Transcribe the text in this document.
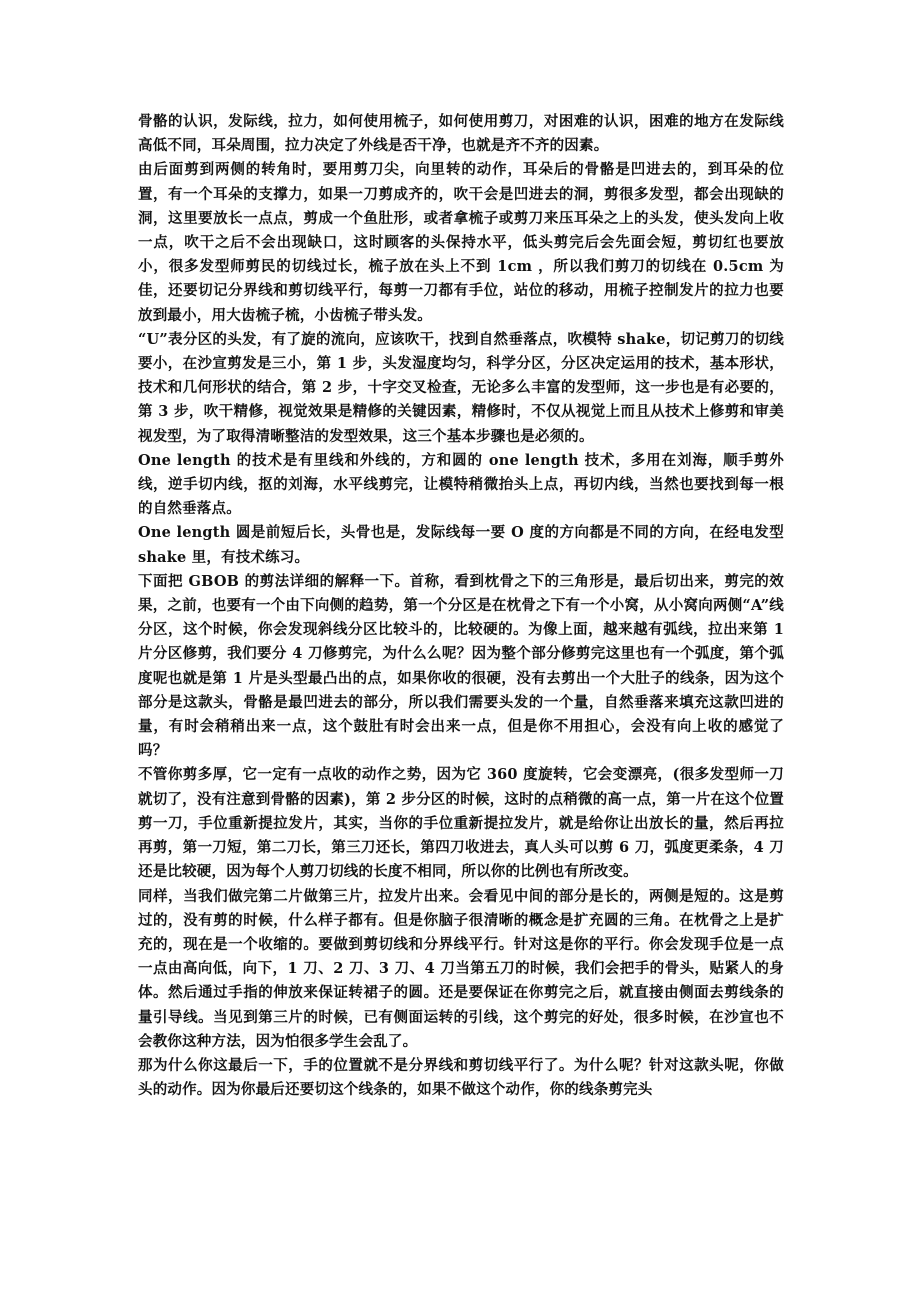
骨骼的认识，发际线，拉力，如何使用梳子，如何使用剪刀，对困难的认识，困难的地方在发际线高低不同，耳朵周围，拉力决定了外线是否干净，也就是齐不齐的因素。

由后面剪到两侧的转角时，要用剪刀尖，向里转的动作，耳朵后的骨骼是凹进去的，到耳朵的位置，有一个耳朵的支撑力，如果一刀剪成齐的，吹干会是凹进去的洞，剪很多发型，都会出现缺的洞，这里要放长一点点，剪成一个鱼肚形，或者拿梳子或剪刀来压耳朵之上的头发，使头发向上收一点，吹干之后不会出现缺口，这时顾客的头保持水平，低头剪完后会先面会短，剪切红也要放小，很多发型师剪民的切线过长，梳子放在头上不到 1cm ，所以我们剪刀的切线在 0.5cm 为佳，还要切记分界线和剪切线平行，每剪一刀都有手位，站位的移动，用梳子控制发片的拉力也要放到最小，用大齿梳子梳，小齿梳子带头发。

“U”表分区的头发，有了旋的流向，应该吹干，找到自然垂落点，吹模特 shake，切记剪刀的切线要小，在沙宣剪发是三小，第 1 步，头发湿度均匀，科学分区，分区决定运用的技术，基本形状，技术和几何形状的结合，第 2 步，十字交叉检查，无论多么丰富的发型师，这一步也是有必要的，第 3 步，吹干精修，视觉效果是精修的关键因素，精修时，不仅从视觉上而且从技术上修剪和审美视发型，为了取得清晰整洁的发型效果，这三个基本步骤也是必须的。

One length 的技术是有里线和外线的，方和圆的 one length 技术，多用在刘海，顺手剪外线，逆手切内线，抠的刘海，水平线剪完，让模特稍微抬头上点，再切内线，当然也要找到每一根的自然垂落点。

One length 圆是前短后长，头骨也是，发际线每一要 O 度的方向都是不同的方向，在经电发型 shake 里，有技术练习。

下面把 GBOB 的剪法详细的解释一下。首称，看到枕骨之下的三角形是，最后切出来，剪完的效果，之前，也要有一个由下向侧的趋势，第一个分区是在枕骨之下有一个小窝，从小窝向两侧“A”线分区，这个时候，你会发现斜线分区比较斗的，比较硬的。为像上面，越来越有弧线，拉出来第 1 片分区修剪，我们要分 4 刀修剪完，为什么么呢？因为整个部分修剪完这里也有一个弧度，第个弧度呢也就是第 1 片是头型最凸出的点，如果你收的很硬，没有去剪出一个大肚子的线条，因为这个部分是这款头，骨骼是最凹进去的部分，所以我们需要头发的一个量，自然垂落来填充这款凹进的量，有时会稍稍出来一点，这个鼓肚有时会出来一点，但是你不用担心，会没有向上收的感觉了吗？

不管你剪多厚，它一定有一点收的动作之势，因为它 360 度旋转，它会变漂亮，(很多发型师一刀就切了，没有注意到骨骼的因素)，第 2 步分区的时候，这时的点稍微的高一点，第一片在这个位置剪一刀，手位重新提拉发片，其实，当你的手位重新提拉发片，就是给你让出放长的量，然后再拉再剪，第一刀短，第二刀长，第三刀还长，第四刀收进去，真人头可以剪 6 刀，弧度更柔条，4 刀还是比较硬，因为每个人剪刀切线的长度不相同，所以你的比例也有所改变。

同样，当我们做完第二片做第三片，拉发片出来。会看见中间的部分是长的，两侧是短的。这是剪过的，没有剪的时候，什么样子都有。但是你脑子很清晰的概念是扩充圆的三角。在枕骨之上是扩充的，现在是一个收缩的。要做到剪切线和分界线平行。针对这是你的平行。你会发现手位是一点一点由高向低，向下，1 刀、2 刀、3 刀、4 刀当第五刀的时候，我们会把手的骨头，贴紧人的身体。然后通过手指的伸放来保证转裙子的圆。还是要保证在你剪完之后，就直接由侧面去剪线条的量引导线。当见到第三片的时候，已有侧面运转的引线，这个剪完的好处，很多时候，在沙宣也不会教你这种方法，因为怕很多学生会乱了。

那为什么你这最后一下，手的位置就不是分界线和剪切线平行了。为什么呢？针对这款头呢，你做头的动作。因为你最后还要切这个线条的，如果不做这个动作，你的线条剪完头
